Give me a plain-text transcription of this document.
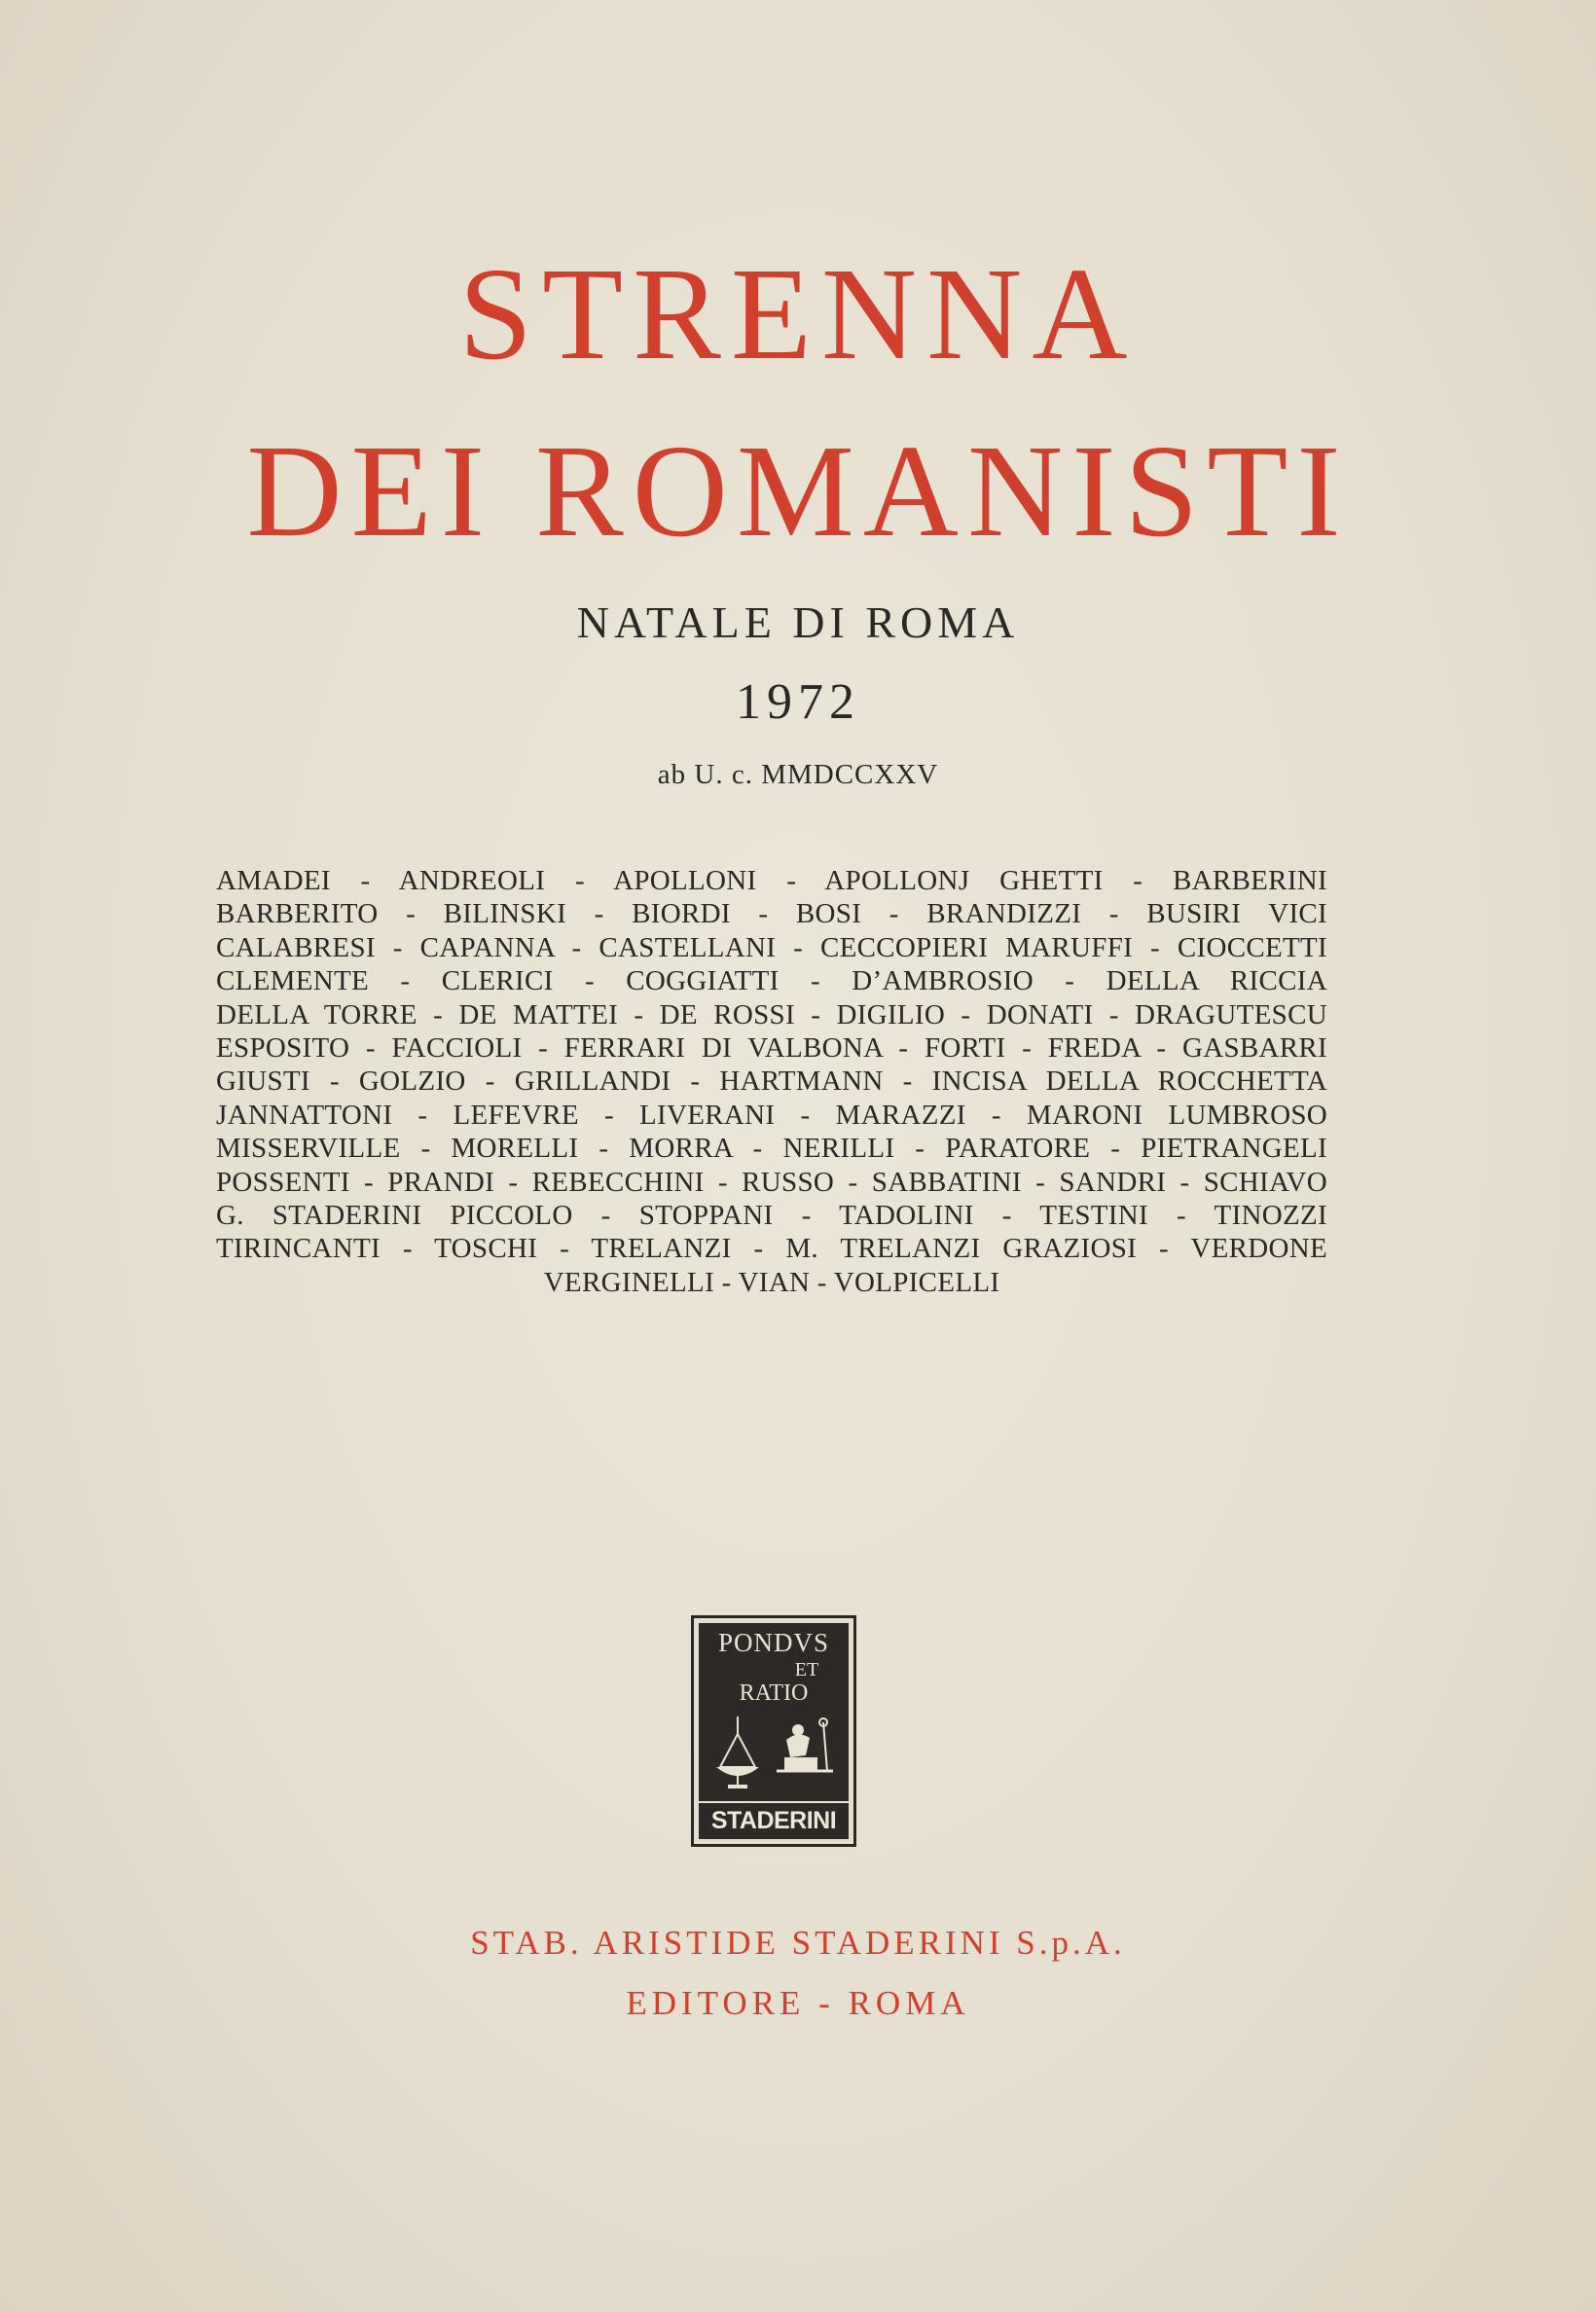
STRENNA
DEI ROMANISTI
NATALE DI ROMA
1972
ab U. c. MMDCCXXV
AMADEI - ANDREOLI - APOLLONI - APOLLONJ GHETTI - BARBERINI
BARBERITO - BILINSKI - BIORDI - BOSI - BRANDIZZI - BUSIRI VICI
CALABRESI - CAPANNA - CASTELLANI - CECCOPIERI MARUFFI - CIOCCETTI
CLEMENTE - CLERICI - COGGIATTI - D’AMBROSIO - DELLA RICCIA
DELLA TORRE - DE MATTEI - DE ROSSI - DIGILIO - DONATI - DRAGUTESCU
ESPOSITO - FACCIOLI - FERRARI DI VALBONA - FORTI - FREDA - GASBARRI
GIUSTI - GOLZIO - GRILLANDI - HARTMANN - INCISA DELLA ROCCHETTA
JANNATTONI - LEFEVRE - LIVERANI - MARAZZI - MARONI LUMBROSO
MISSERVILLE - MORELLI - MORRA - NERILLI - PARATORE - PIETRANGELI
POSSENTI - PRANDI - REBECCHINI - RUSSO - SABBATINI - SANDRI - SCHIAVO
G. STADERINI PICCOLO - STOPPANI - TADOLINI - TESTINI - TINOZZI
TIRINCANTI - TOSCHI - TRELANZI - M. TRELANZI GRAZIOSI - VERDONE
VERGINELLI - VIAN - VOLPICELLI
PONDVS
ET
RATIO
STADERINI
STAB. ARISTIDE STADERINI S.p.A.
EDITORE - ROMA
